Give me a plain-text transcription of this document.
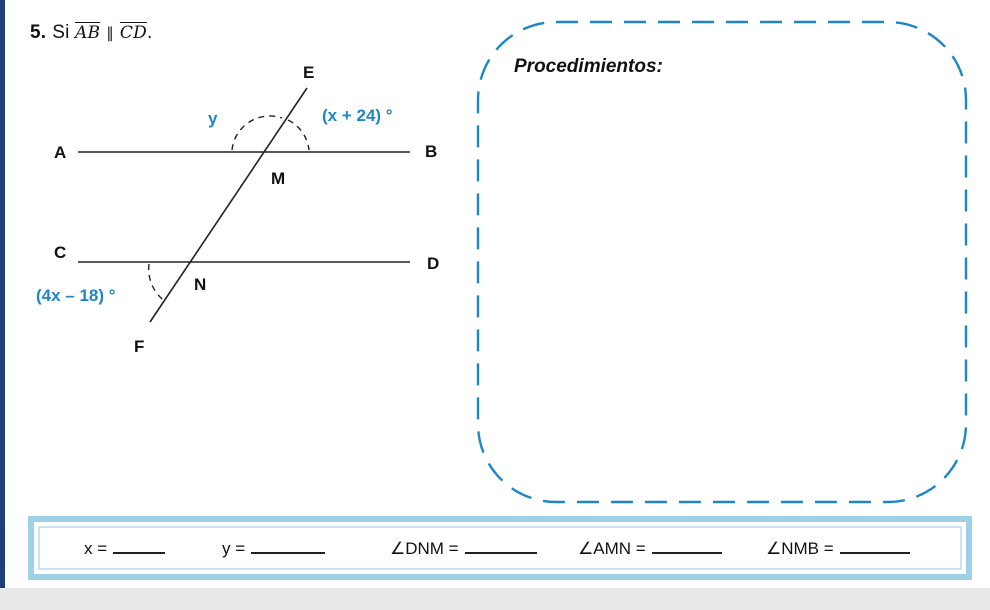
5. Si $\overline{AB}$ ∥ $\overline{CD}$.
E
A	B
M
C
D
N
F
y	(x + 24) °
(4x – 18) °
Procedimientos:
x =	y =	∠DNM =	∠AMN =	∠NMB =
